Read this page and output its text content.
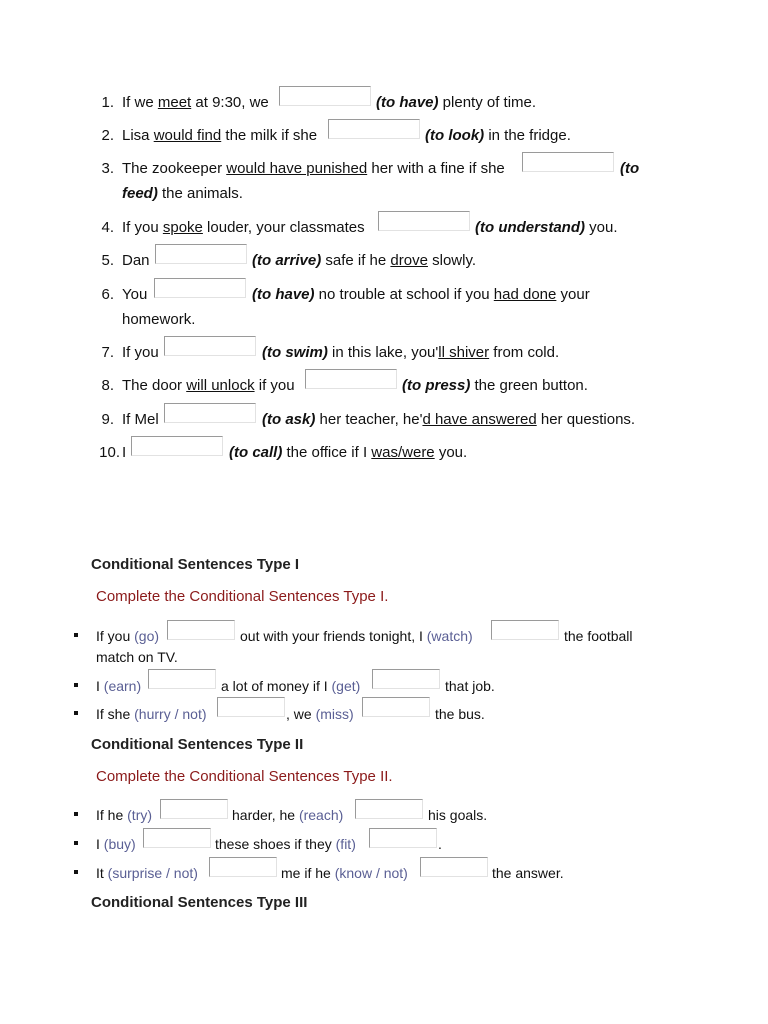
1. If we meet at 9:30, we	(to have) plenty of time.
2. Lisa would find the milk if she	(to look) in the fridge.
3. The zookeeper would have punished her with a fine if she	(to
feed) the animals.
4. If you spoke louder, your classmates	(to understand) you.
5. Dan	(to arrive) safe if he drove slowly.
6. You	(to have) no trouble at school if you had done your
homework.
7. If you	(to swim) in this lake, you'll shiver from cold.
8. The door will unlock if you	(to press) the green button.
9. If Mel	(to ask) her teacher, he'd have answered her questions.
10. I	(to call) the office if I was/were you.
Conditional Sentences Type I
Complete the Conditional Sentences Type I.
If you (go)	out with your friends tonight, I (watch)	the football
match on TV.
I (earn)	a lot of money if I (get)	that job.
If she (hurry / not)	, we (miss)	the bus.
Conditional Sentences Type II
Complete the Conditional Sentences Type II.
If he (try)	harder, he (reach)	his goals.
I (buy)	these shoes if they (fit)	.
It (surprise / not)	me if he (know / not)	the answer.
Conditional Sentences Type III
